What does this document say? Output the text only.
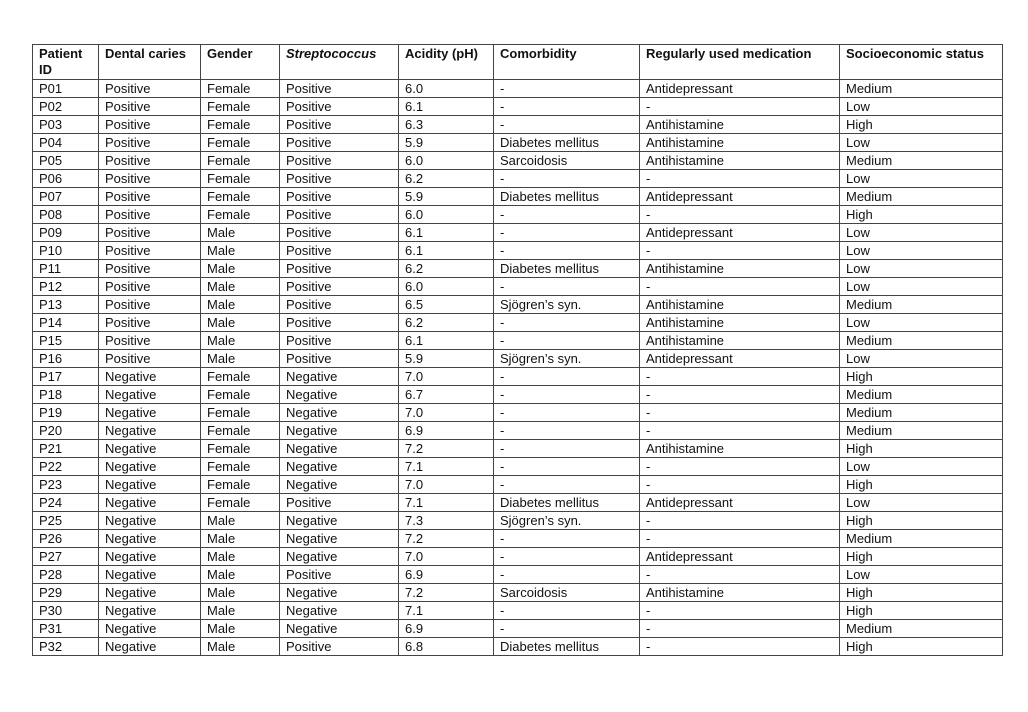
Patient ID	Dental caries	Gender	Streptococcus	Acidity (pH)	Comorbidity	Regularly used medication	Socioeconomic status
P01	Positive	Female	Positive	6.0	-	Antidepressant	Medium
P02	Positive	Female	Positive	6.1	-	-	Low
P03	Positive	Female	Positive	6.3	-	Antihistamine	High
P04	Positive	Female	Positive	5.9	Diabetes mellitus	Antihistamine	Low
P05	Positive	Female	Positive	6.0	Sarcoidosis	Antihistamine	Medium
P06	Positive	Female	Positive	6.2	-	-	Low
P07	Positive	Female	Positive	5.9	Diabetes mellitus	Antidepressant	Medium
P08	Positive	Female	Positive	6.0	-	-	High
P09	Positive	Male	Positive	6.1	-	Antidepressant	Low
P10	Positive	Male	Positive	6.1	-	-	Low
P11	Positive	Male	Positive	6.2	Diabetes mellitus	Antihistamine	Low
P12	Positive	Male	Positive	6.0	-	-	Low
P13	Positive	Male	Positive	6.5	Sjögren’s syn.	Antihistamine	Medium
P14	Positive	Male	Positive	6.2	-	Antihistamine	Low
P15	Positive	Male	Positive	6.1	-	Antihistamine	Medium
P16	Positive	Male	Positive	5.9	Sjögren’s syn.	Antidepressant	Low
P17	Negative	Female	Negative	7.0	-	-	High
P18	Negative	Female	Negative	6.7	-	-	Medium
P19	Negative	Female	Negative	7.0	-	-	Medium
P20	Negative	Female	Negative	6.9	-	-	Medium
P21	Negative	Female	Negative	7.2	-	Antihistamine	High
P22	Negative	Female	Negative	7.1	-	-	Low
P23	Negative	Female	Negative	7.0	-	-	High
P24	Negative	Female	Positive	7.1	Diabetes mellitus	Antidepressant	Low
P25	Negative	Male	Negative	7.3	Sjögren’s syn.	-	High
P26	Negative	Male	Negative	7.2	-	-	Medium
P27	Negative	Male	Negative	7.0	-	Antidepressant	High
P28	Negative	Male	Positive	6.9	-	-	Low
P29	Negative	Male	Negative	7.2	Sarcoidosis	Antihistamine	High
P30	Negative	Male	Negative	7.1	-	-	High
P31	Negative	Male	Negative	6.9	-	-	Medium
P32	Negative	Male	Positive	6.8	Diabetes mellitus	-	High
